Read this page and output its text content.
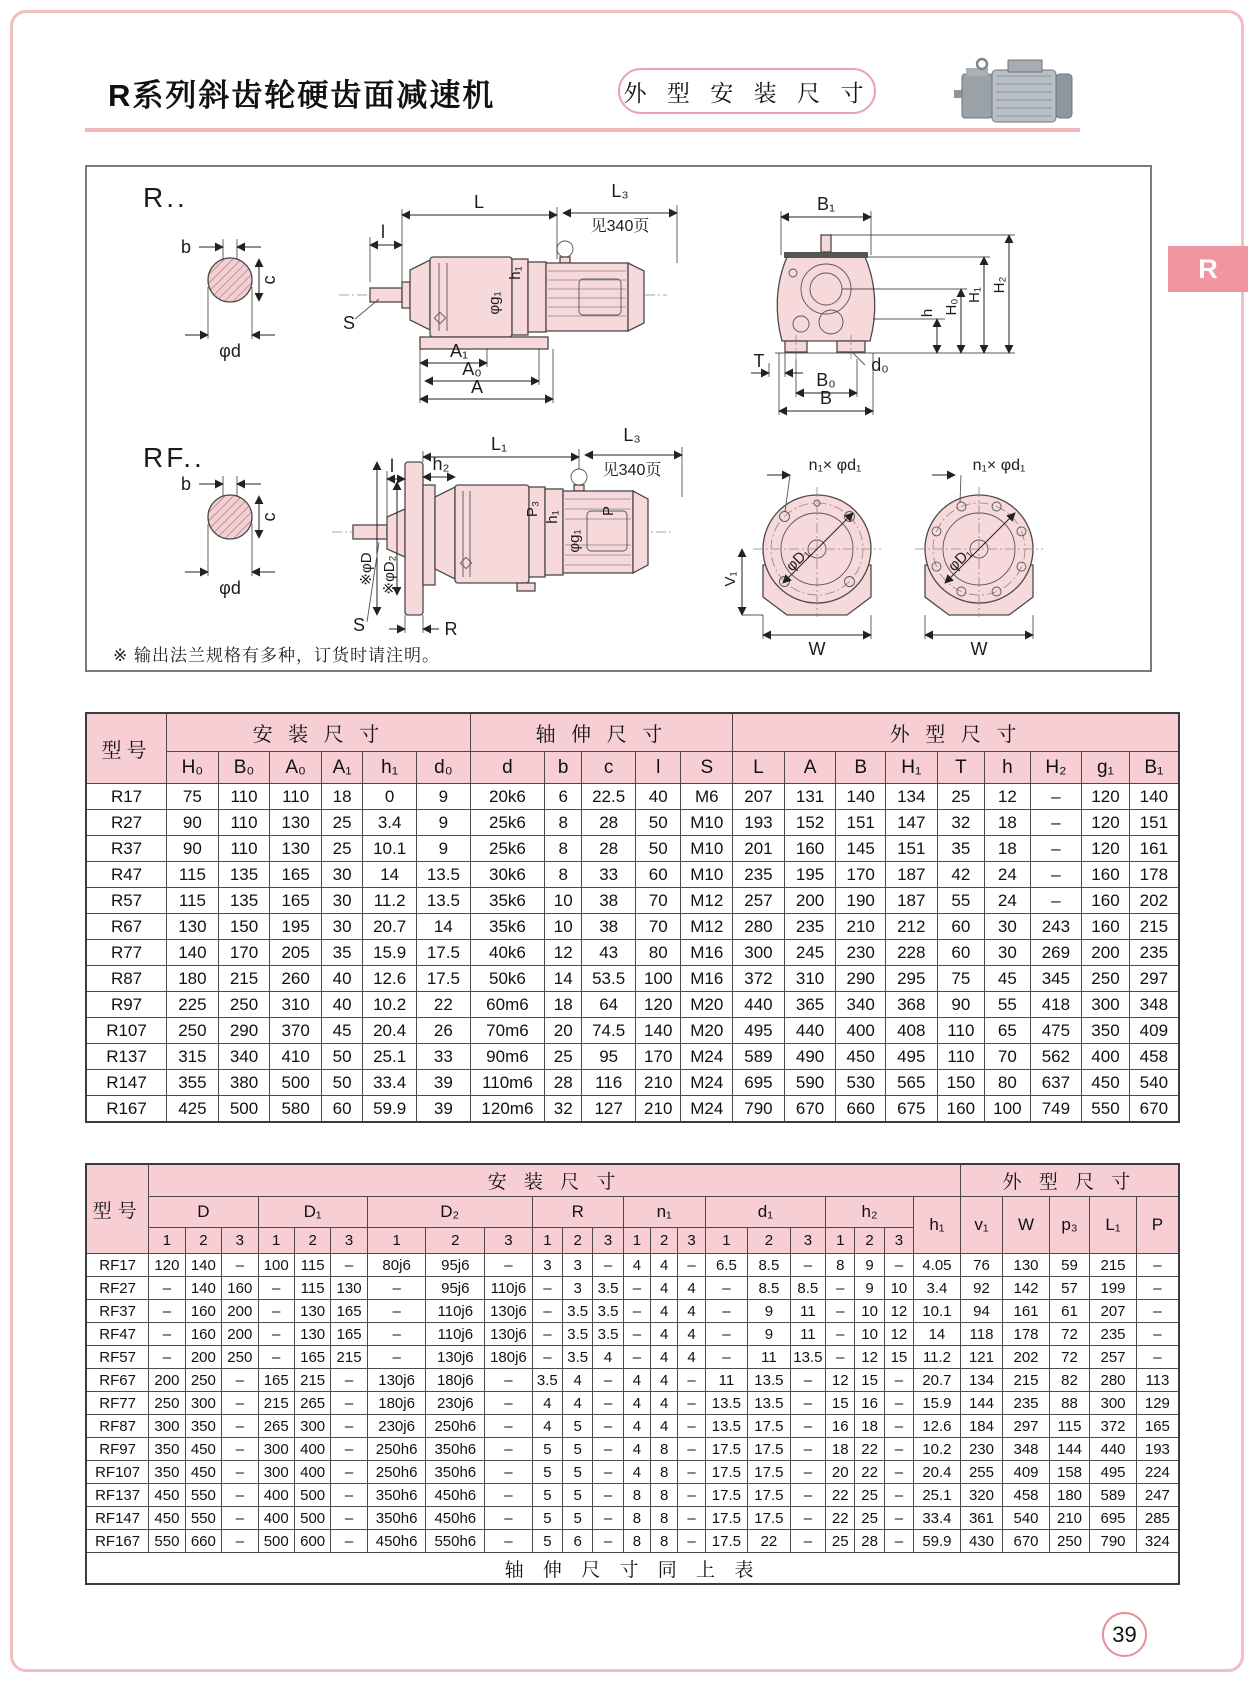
R系列斜齿轮硬齿面减速机	外 型 安 装 尺 寸
R
R..
b
c
φd
L
L₃
见340页
l
h₁
φg₁
S
A₁
A₀
A
B₁
h H₀
H₁
H₂
T	d₀
B₀
B
RF..
b
c
φd
L₁	L₃
见340页
l h₂
※φD ※φD₂
P₃ h₁
φg₁
P
S	R
φD₁
n₁× φd₁
V₁
W
φD₁
n₁× φd₁
W
※ 输出法兰规格有多种，订货时请注明。
型号	安 装 尺 寸						轴 伸 尺 寸					外 型 尺 寸								
	H₀	B₀	A₀	A₁	h₁	d₀	d	b	c	l	S	L	A	B	H₁	T	h	H₂	g₁	B₁
R17	75	110	110	18	0	9	20k6	6	22.5	40	M6	207	131	140	134	25	12	–	120	140
R27	90	110	130	25	3.4	9	25k6	8	28	50	M10	193	152	151	147	32	18	–	120	151
R37	90	110	130	25	10.1	9	25k6	8	28	50	M10	201	160	145	151	35	18	–	120	161
R47	115	135	165	30	14	13.5	30k6	8	33	60	M10	235	195	170	187	42	24	–	160	178
R57	115	135	165	30	11.2	13.5	35k6	10	38	70	M12	257	200	190	187	55	24	–	160	202
R67	130	150	195	30	20.7	14	35k6	10	38	70	M12	280	235	210	212	60	30	243	160	215
R77	140	170	205	35	15.9	17.5	40k6	12	43	80	M16	300	245	230	228	60	30	269	200	235
R87	180	215	260	40	12.6	17.5	50k6	14	53.5	100	M16	372	310	290	295	75	45	345	250	297
R97	225	250	310	40	10.2	22	60m6	18	64	120	M20	440	365	340	368	90	55	418	300	348
R107	250	290	370	45	20.4	26	70m6	20	74.5	140	M20	495	440	400	408	110	65	475	350	409
R137	315	340	410	50	25.1	33	90m6	25	95	170	M24	589	490	450	495	110	70	562	400	458
R147	355	380	500	50	33.4	39	110m6	28	116	210	M24	695	590	530	565	150	80	637	450	540
R167	425	500	580	60	59.9	39	120m6	32	127	210	M24	790	670	660	675	160	100	749	550	670
型号	安 装 尺 寸																						外 型 尺 寸				
	D			D₁			D₂			R			n₁			d₁			h₂			h₁	v₁	W	p₃	L₁	P
	1	2	3	1	2	3	1	2	3	1	2	3	1	2	3	1	2	3	1	2	3						
RF17	120	140	–	100	115	–	80j6	95j6	–	3	3	–	4	4	–	6.5	8.5	–	8	9	–	4.05	76	130	59	215	–
RF27	–	140	160	–	115	130	–	95j6	110j6	–	3	3.5	–	4	4	–	8.5	8.5	–	9	10	3.4	92	142	57	199	–
RF37	–	160	200	–	130	165	–	110j6	130j6	–	3.5	3.5	–	4	4	–	9	11	–	10	12	10.1	94	161	61	207	–
RF47	–	160	200	–	130	165	–	110j6	130j6	–	3.5	3.5	–	4	4	–	9	11	–	10	12	14	118	178	72	235	–
RF57	–	200	250	–	165	215	–	130j6	180j6	–	3.5	4	–	4	4	–	11	13.5	–	12	15	11.2	121	202	72	257	–
RF67	200	250	–	165	215	–	130j6	180j6	–	3.5	4	–	4	4	–	11	13.5	–	12	15	–	20.7	134	215	82	280	113
RF77	250	300	–	215	265	–	180j6	230j6	–	4	4	–	4	4	–	13.5	13.5	–	15	16	–	15.9	144	235	88	300	129
RF87	300	350	–	265	300	–	230j6	250h6	–	4	5	–	4	4	–	13.5	17.5	–	16	18	–	12.6	184	297	115	372	165
RF97	350	450	–	300	400	–	250h6	350h6	–	5	5	–	4	8	–	17.5	17.5	–	18	22	–	10.2	230	348	144	440	193
RF107	350	450	–	300	400	–	250h6	350h6	–	5	5	–	4	8	–	17.5	17.5	–	20	22	–	20.4	255	409	158	495	224
RF137	450	550	–	400	500	–	350h6	450h6	–	5	5	–	8	8	–	17.5	17.5	–	22	25	–	25.1	320	458	180	589	247
RF147	450	550	–	400	500	–	350h6	450h6	–	5	5	–	8	8	–	17.5	17.5	–	22	25	–	33.4	361	540	210	695	285
RF167	550	660	–	500	600	–	450h6	550h6	–	5	6	–	8	8	–	17.5	22	–	25	28	–	59.9	430	670	250	790	324
轴 伸 尺 寸 同 上 表																											
39
